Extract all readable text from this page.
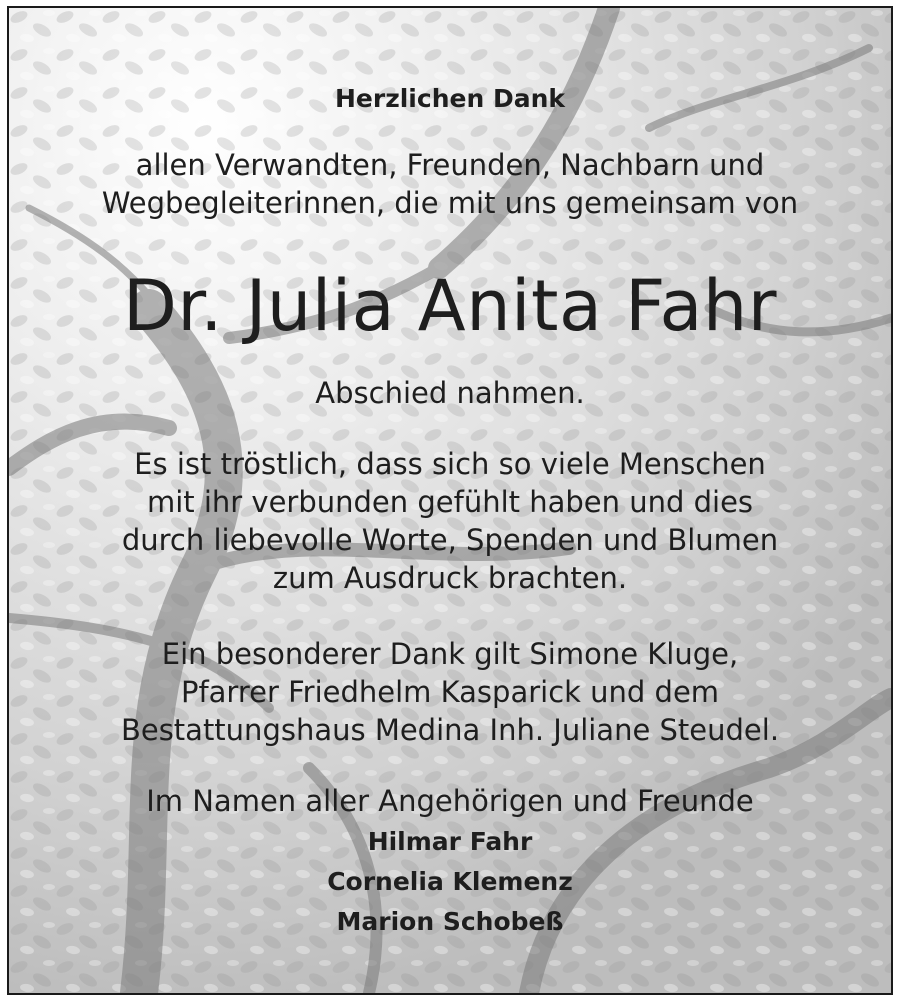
Herzlichen Dank
allen Verwandten, Freunden, Nachbarn und
Wegbegleiterinnen, die mit uns gemeinsam von
Dr. Julia Anita Fahr
Abschied nahmen.
Es ist tröstlich, dass sich so viele Menschen
mit ihr verbunden gefühlt haben und dies
durch liebevolle Worte, Spenden und Blumen
zum Ausdruck brachten.
Ein besonderer Dank gilt Simone Kluge,
Pfarrer Friedhelm Kasparick und dem
Bestattungshaus Medina Inh. Juliane Steudel.
Im Namen aller Angehörigen und Freunde
Hilmar Fahr
Cornelia Klemenz
Marion Schobeß
